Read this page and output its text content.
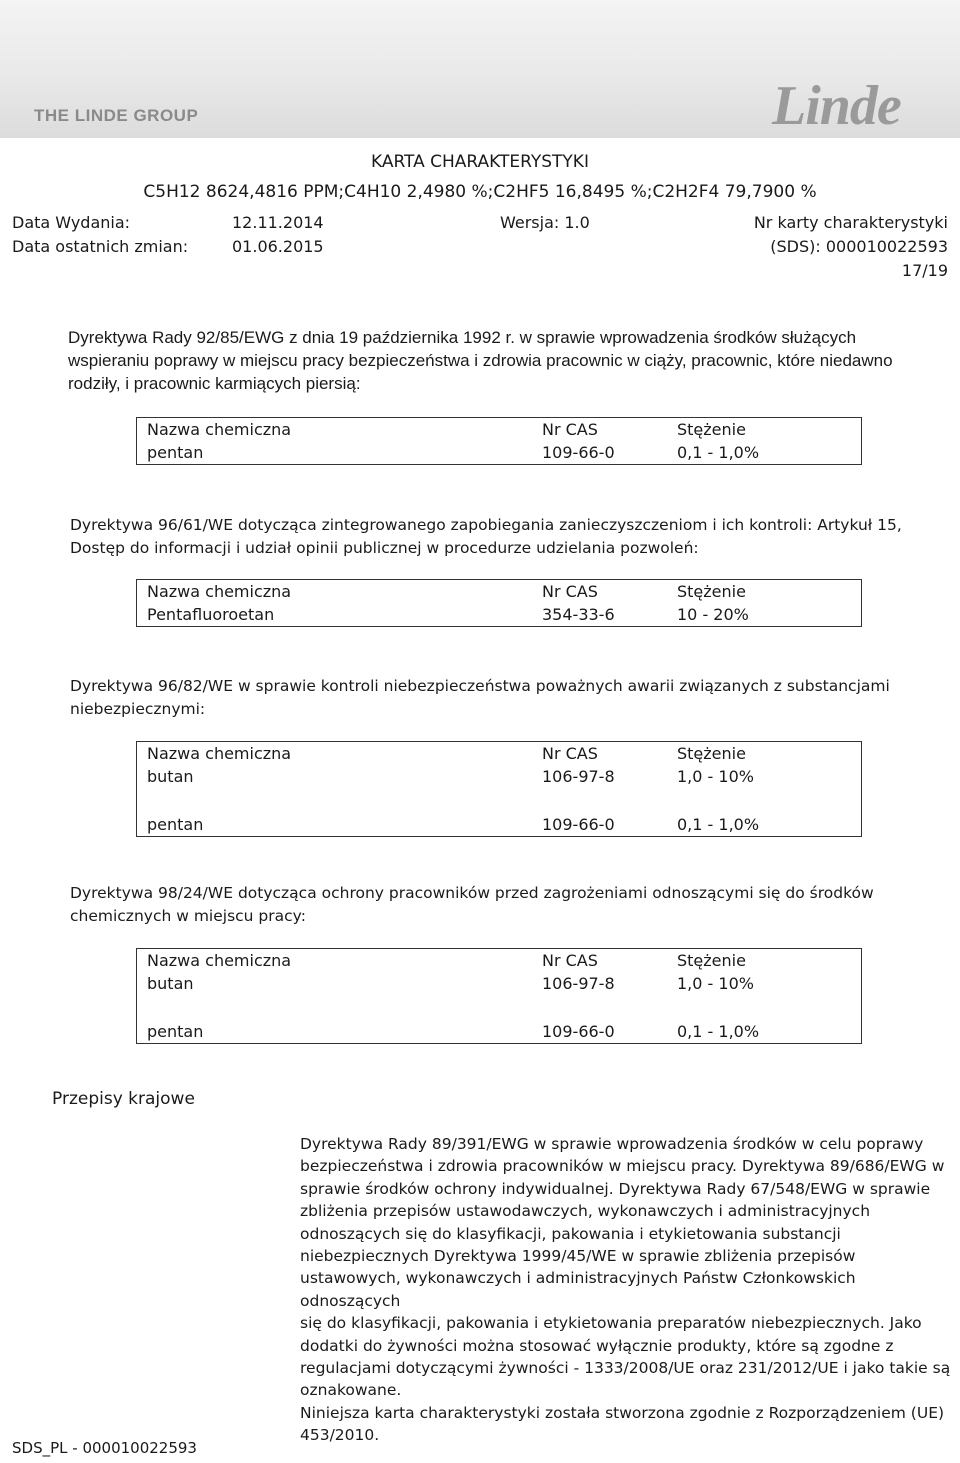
THE LINDE GROUP	Linde
KARTA CHARAKTERYSTYKI
C5H12 8624,4816 PPM;C4H10 2,4980 %;C2HF5 16,8495 %;C2H2F4 79,7900 %
Data Wydania:	12.11.2014	Wersja: 1.0	Nr karty charakterystyki
Data ostatnich zmian:	01.06.2015	(SDS): 000010022593
17/19
Dyrektywa Rady 92/85/EWG z dnia 19 października 1992 r. w sprawie wprowadzenia środków służących
wspieraniu poprawy w miejscu pracy bezpieczeństwa i zdrowia pracownic w ciąży, pracownic, które niedawno
rodziły, i pracownic karmiących piersią:
Nazwa chemiczna	Nr CAS	Stężenie
pentan	109-66-0	0,1 - 1,0%
Dyrektywa 96/61/WE dotycząca zintegrowanego zapobiegania zanieczyszczeniom i ich kontroli: Artykuł 15,
Dostęp do informacji i udział opinii publicznej w procedurze udzielania pozwoleń:
Nazwa chemiczna	Nr CAS	Stężenie
Pentafluoroetan	354-33-6	10 - 20%
Dyrektywa 96/82/WE w sprawie kontroli niebezpieczeństwa poważnych awarii związanych z substancjami
niebezpiecznymi:
Nazwa chemiczna	Nr CAS	Stężenie
butan	106-97-8	1,0 - 10%
pentan	109-66-0	0,1 - 1,0%
Dyrektywa 98/24/WE dotycząca ochrony pracowników przed zagrożeniami odnoszącymi się do środków
chemicznych w miejscu pracy:
Nazwa chemiczna	Nr CAS	Stężenie
butan	106-97-8	1,0 - 10%
pentan	109-66-0	0,1 - 1,0%
Przepisy krajowe
Dyrektywa Rady 89/391/EWG w sprawie wprowadzenia środków w celu poprawy
bezpieczeństwa i zdrowia pracowników w miejscu pracy. Dyrektywa 89/686/EWG w
sprawie środków ochrony indywidualnej. Dyrektywa Rady 67/548/EWG w sprawie
zbliżenia przepisów ustawodawczych, wykonawczych i administracyjnych
odnoszących się do klasyfikacji, pakowania i etykietowania substancji
niebezpiecznych Dyrektywa 1999/45/WE w sprawie zbliżenia przepisów
ustawowych, wykonawczych i administracyjnych Państw Członkowskich odnoszących
się do klasyfikacji, pakowania i etykietowania preparatów niebezpiecznych. Jako
dodatki do żywności można stosować wyłącznie produkty, które są zgodne z
regulacjami dotyczącymi żywności - 1333/2008/UE oraz 231/2012/UE i jako takie są
oznakowane.
Niniejsza karta charakterystyki została stworzona zgodnie z Rozporządzeniem (UE)
453/2010.
SDS_PL - 000010022593
